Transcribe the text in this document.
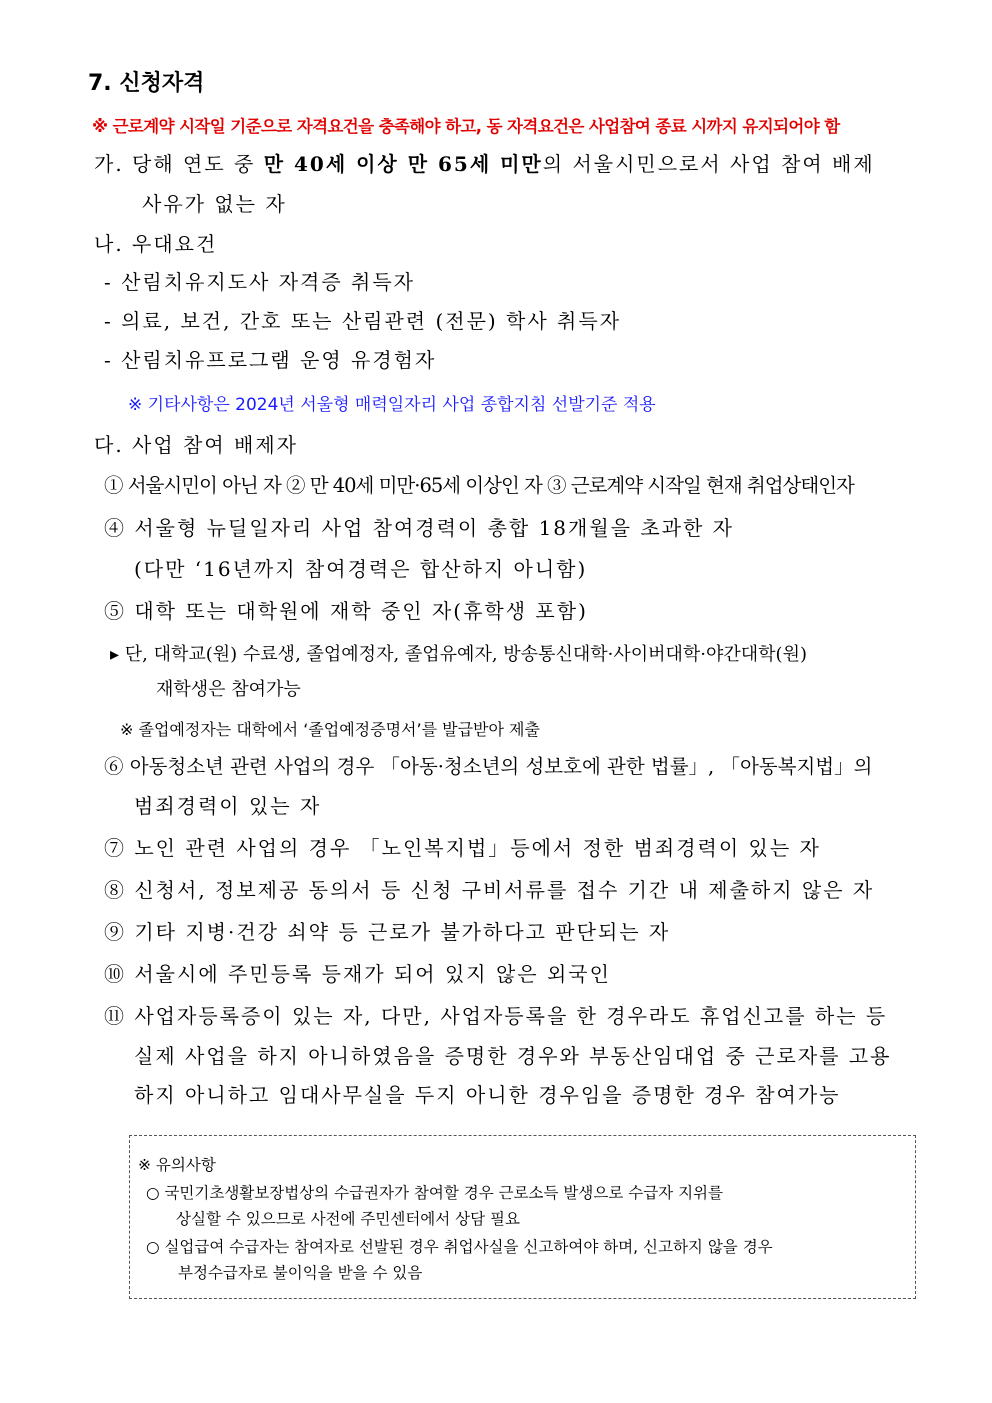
7. 신청자격
※ 근로계약 시작일 기준으로 자격요건을 충족해야 하고, 동 자격요건은 사업참여 종료 시까지 유지되어야 함
가. 당해 연도 중 만 40세 이상 만 65세 미만의 서울시민으로서 사업 참여 배제
사유가 없는 자
나. 우대요건
- 산림치유지도사 자격증 취득자
- 의료, 보건, 간호 또는 산림관련 (전문) 학사 취득자
- 산림치유프로그램 운영 유경험자
※ 기타사항은 2024년 서울형 매력일자리 사업 종합지침 선발기준 적용
다. 사업 참여 배제자
① 서울시민이 아닌 자 ② 만 40세 미만·65세 이상인 자 ③ 근로계약 시작일 현재 취업상태인자
④ 서울형 뉴딜일자리 사업 참여경력이 총합 18개월을 초과한 자
(다만 ‘16년까지 참여경력은 합산하지 아니함)
⑤ 대학 또는 대학원에 재학 중인 자(휴학생 포함)
▸ 단, 대학교(원) 수료생, 졸업예정자, 졸업유예자, 방송통신대학·사이버대학·야간대학(원)
재학생은 참여가능
※ 졸업예정자는 대학에서 ‘졸업예정증명서’를 발급받아 제출
⑥ 아동청소년 관련 사업의 경우 「아동·청소년의 성보호에 관한 법률」, 「아동복지법」의
범죄경력이 있는 자
⑦ 노인 관련 사업의 경우 「노인복지법」등에서 정한 범죄경력이 있는 자
⑧ 신청서, 정보제공 동의서 등 신청 구비서류를 접수 기간 내 제출하지 않은 자
⑨ 기타 지병·건강 쇠약 등 근로가 불가하다고 판단되는 자
⑩ 서울시에 주민등록 등재가 되어 있지 않은 외국인
⑪ 사업자등록증이 있는 자, 다만, 사업자등록을 한 경우라도 휴업신고를 하는 등
실제 사업을 하지 아니하였음을 증명한 경우와 부동산임대업 중 근로자를 고용
하지 아니하고 임대사무실을 두지 아니한 경우임을 증명한 경우 참여가능
※ 유의사항
○ 국민기초생활보장법상의 수급권자가 참여할 경우 근로소득 발생으로 수급자 지위를
상실할 수 있으므로 사전에 주민센터에서 상담 필요
○ 실업급여 수급자는 참여자로 선발된 경우 취업사실을 신고하여야 하며, 신고하지 않을 경우
부정수급자로 불이익을 받을 수 있음
